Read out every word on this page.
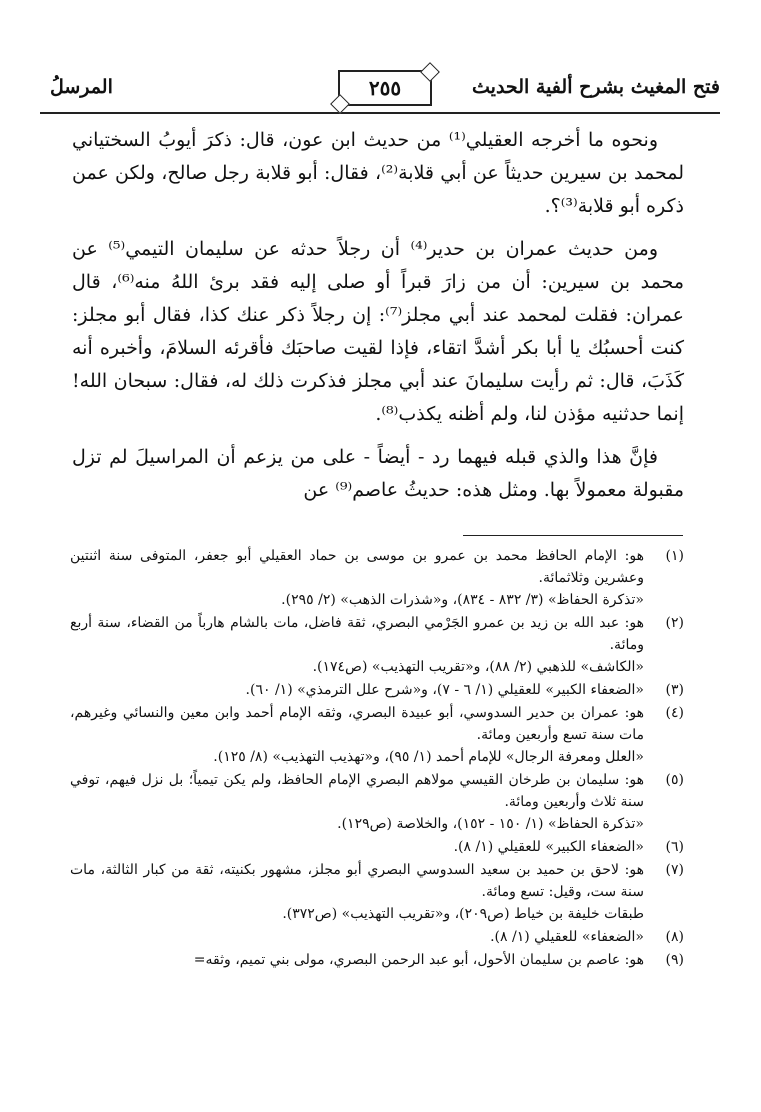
فتح المغيث بشرح ألفية الحديث
٢٥٥
المرسلُ

ونحوه ما أخرجه العقيلي⁽¹⁾ من حديث ابن عون، قال: ذكرَ أيوبُ السختياني لمحمد بن سيرين حديثاً عن أبي قلابة⁽²⁾، فقال: أبو قلابة رجل صالح، ولكن عمن ذكره أبو قلابة⁽³⁾؟.

ومن حديث عمران بن حدير⁽⁴⁾ أن رجلاً حدثه عن سليمان التيمي⁽⁵⁾ عن محمد بن سيرين: أن من زارَ قبراً أو صلى إليه فقد برئ اللهُ منه⁽⁶⁾، قال عمران: فقلت لمحمد عند أبي مجلز⁽⁷⁾: إن رجلاً ذكر عنك كذا، فقال أبو مجلز: كنت أحسبُك يا أبا بكر أشدَّ اتقاء، فإذا لقيت صاحبَك فأقرئه السلامَ، وأخبره أنه كَذَبَ، قال: ثم رأيت سليمانَ عند أبي مجلز فذكرت ذلك له، فقال: سبحان الله! إنما حدثنيه مؤذن لنا، ولم أظنه يكذب⁽⁸⁾.

فإنَّ هذا والذي قبله فيهما رد - أيضاً - على من يزعم أن المراسيلَ لم تزل مقبولة معمولاً بها. ومثل هذه: حديثُ عاصم⁽⁹⁾ عن

(١)
هو: الإمام الحافظ محمد بن عمرو بن موسى بن حماد العقيلي أبو جعفر، المتوفى سنة اثنتين وعشرين وثلاثمائة.
«تذكرة الحفاظ» (٣/ ٨٣٢ - ٨٣٤)، و«شذرات الذهب» (٢/ ٢٩٥).
(٢)
هو: عبد الله بن زيد بن عمرو الجَرْمي البصري، ثقة فاضل، مات بالشام هارباً من القضاء، سنة أربع ومائة.
«الكاشف» للذهبي (٢/ ٨٨)، و«تقريب التهذيب» (ص١٧٤).
(٣)
«الضعفاء الكبير» للعقيلي (١/ ٦ - ٧)، و«شرح علل الترمذي» (١/ ٦٠).
(٤)
هو: عمران بن حدير السدوسي، أبو عبيدة البصري، وثقه الإمام أحمد وابن معين والنسائي وغيرهم، مات سنة تسع وأربعين ومائة.
«العلل ومعرفة الرجال» للإمام أحمد (١/ ٩٥)، و«تهذيب التهذيب» (٨/ ١٢٥).
(٥)
هو: سليمان بن طرخان القيسي مولاهم البصري الإمام الحافظ، ولم يكن تيمياً؛ بل نزل فيهم، توفي سنة ثلاث وأربعين ومائة.
«تذكرة الحفاظ» (١/ ١٥٠ - ١٥٢)، والخلاصة (ص١٢٩).
(٦)
«الضعفاء الكبير» للعقيلي (١/ ٨).
(٧)
هو: لاحق بن حميد بن سعيد السدوسي البصري أبو مجلز، مشهور بكنيته، ثقة من كبار الثالثة، مات سنة ست، وقيل: تسع ومائة.
طبقات خليفة بن خياط (ص٢٠٩)، و«تقريب التهذيب» (ص٣٧٢).
(٨)
«الضعفاء» للعقيلي (١/ ٨).
(٩)
هو: عاصم بن سليمان الأحول، أبو عبد الرحمن البصري، مولى بني تميم، وثقه=
